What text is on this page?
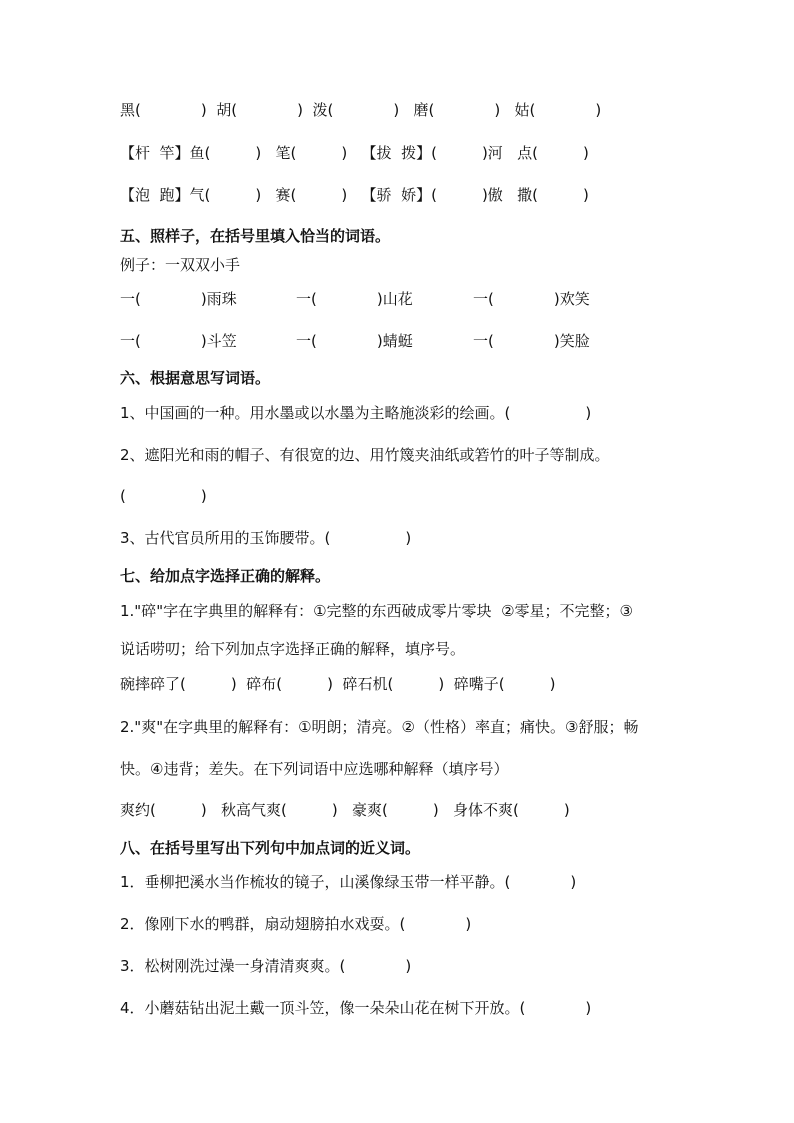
黑(　　　　)  胡(　　　　)  泼(　　　　)   磨(　　　　)   姑(　　　　)
【杆  竿】鱼(　　　)   笔(　　　)   【拔  拨】(　　　)河   点(　　　)
【泡  跑】气(　　　)   赛(　　　)   【骄  娇】(　　　)傲   撒(　　　)
五、照样子，在括号里填入恰当的词语。
例子：一双双小手
一(　　　　)雨珠	一(　　　　)山花	一(　　　　)欢笑
一(　　　　)斗笠	一(　　　　)蜻蜓	一(　　　　)笑脸
六、根据意思写词语。
1、中国画的一种。用水墨或以水墨为主略施淡彩的绘画。(　　　　　)
2、遮阳光和雨的帽子、有很宽的边、用竹篾夹油纸或箬竹的叶子等制成。
(　　　　　)
3、古代官员所用的玉饰腰带。(　　　　　)
七、给加点字选择正确的解释。
1."碎"字在字典里的解释有：①完整的东西破成零片零块  ②零星；不完整；③
说话唠叨；给下列加点字选择正确的解释，填序号。
碗摔碎了(　　　)  碎布(　　　)  碎石机(　　　)  碎嘴子(　　　)
2."爽"在字典里的解释有：①明朗；清亮。②（性格）率直；痛快。③舒服；畅
快。④违背；差失。在下列词语中应选哪种解释（填序号）
爽约(　　　)   秋高气爽(　　　)   豪爽(　　　)   身体不爽(　　　)
八、在括号里写出下列句中加点词的近义词。
1．垂柳把溪水当作梳妆的镜子，山溪像绿玉带一样平静。(　　　　)
2．像刚下水的鸭群，扇动翅膀拍水戏耍。(　　　　)
3．松树刚洗过澡一身清清爽爽。(　　　　)
4．小蘑菇钻出泥土戴一顶斗笠，像一朵朵山花在树下开放。(　　　　)
